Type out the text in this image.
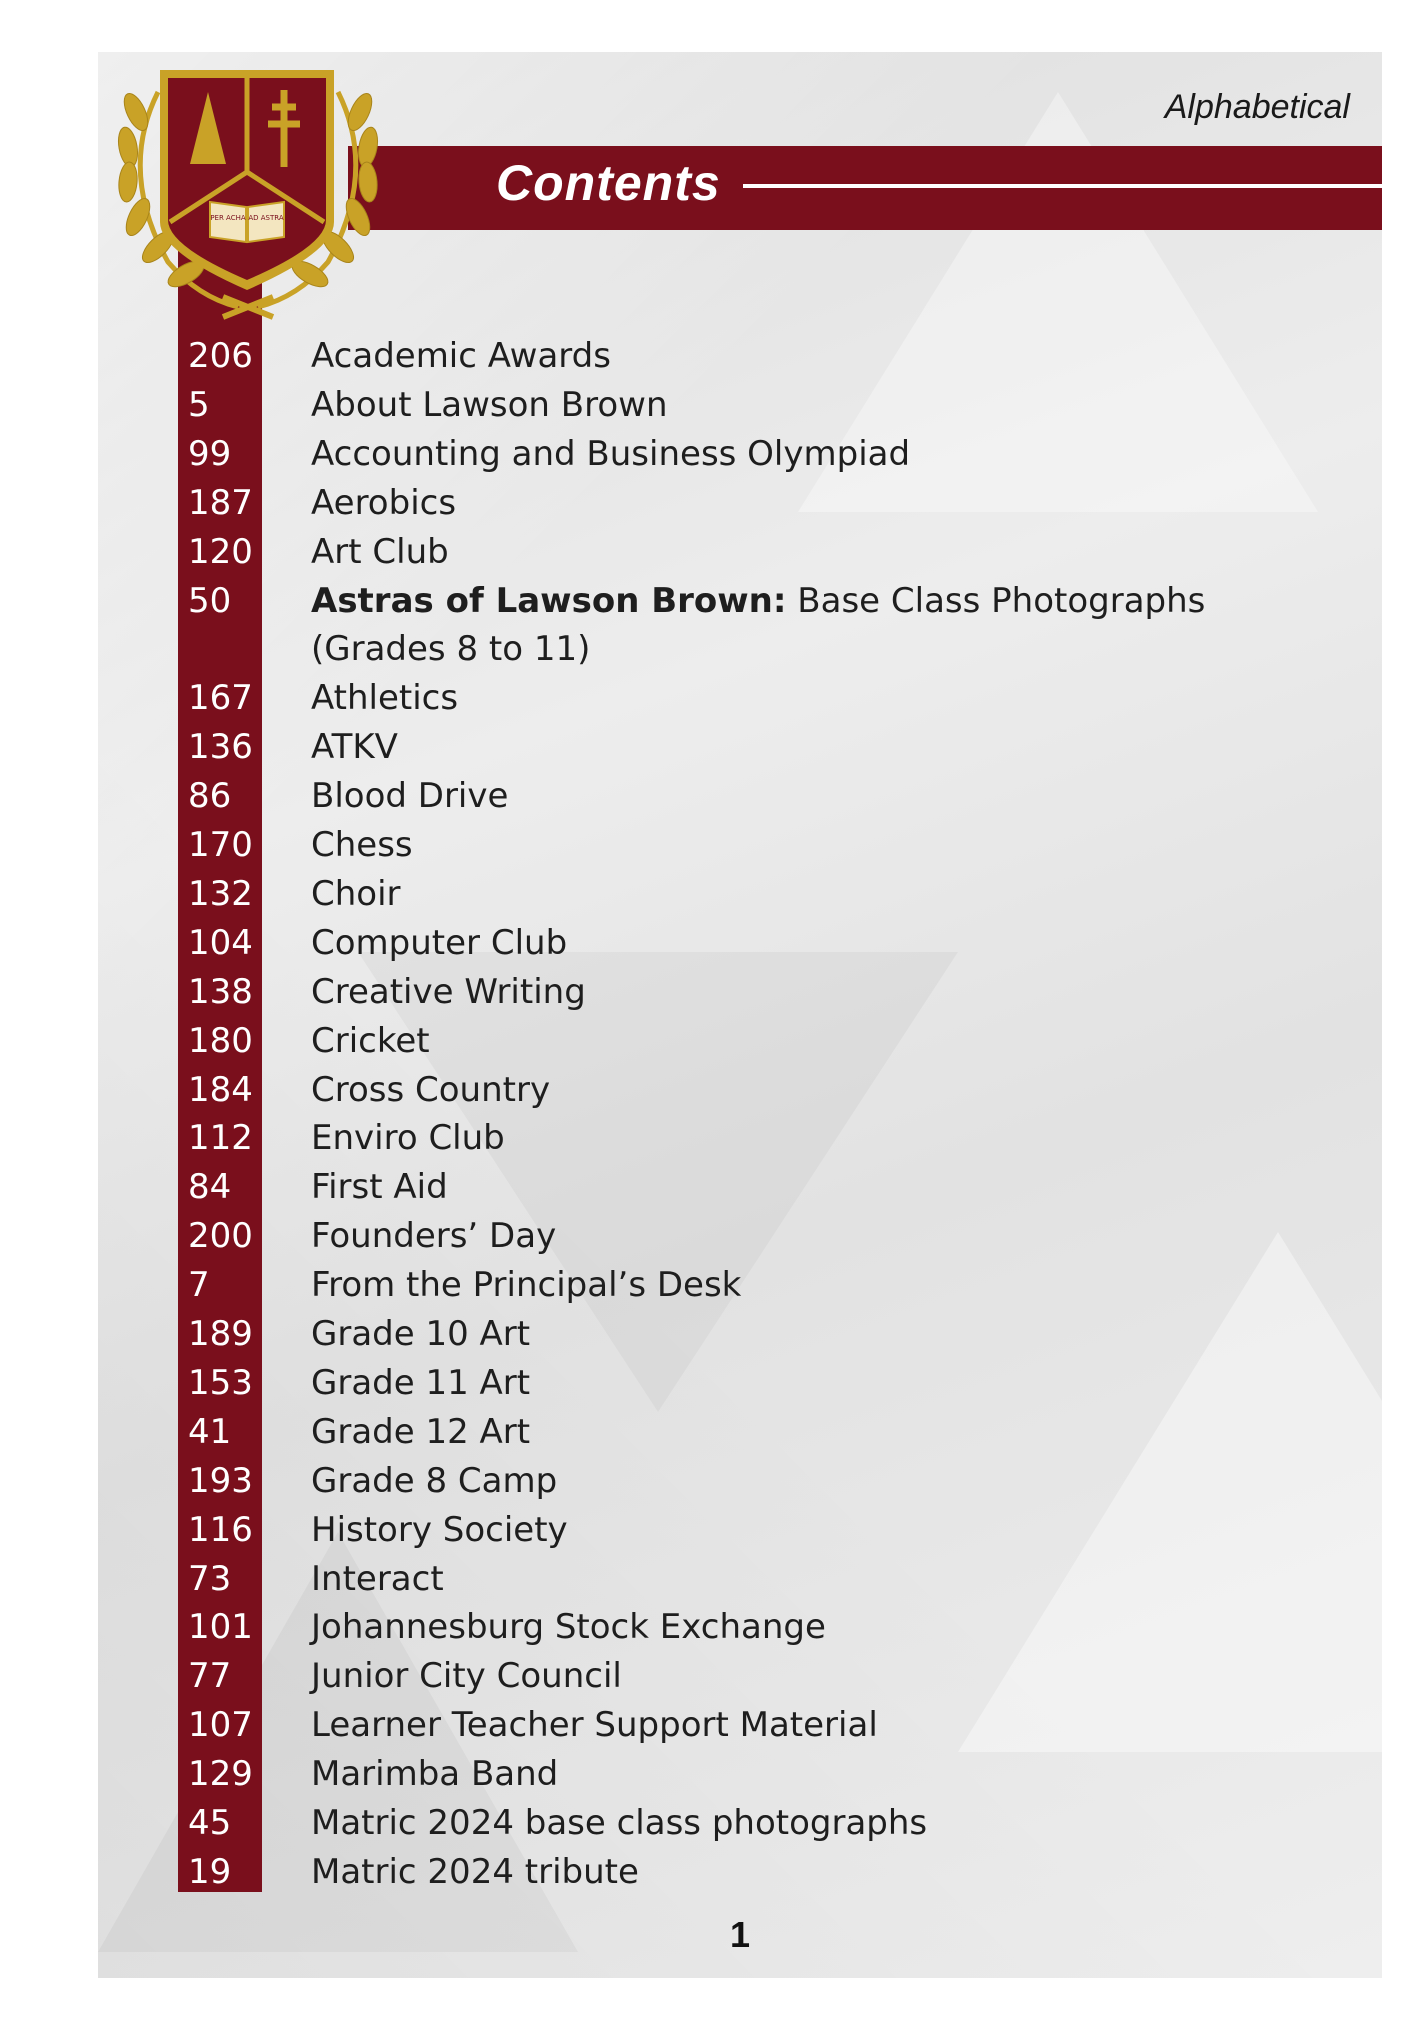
Alphabetical
Contents
PER ACHA AD ASTRA
206 Academic Awards
5	About Lawson Brown
99 Accounting and Business Olympiad
187 Aerobics
120 Art Club
50 Astras of Lawson Brown: Base Class Photographs
(Grades 8 to 11)
167 Athletics
136 ATKV
86 Blood Drive
170 Chess
132 Choir
104 Computer Club
138 Creative Writing
180 Cricket
184 Cross Country
112 Enviro Club
84 First Aid
200 Founders’ Day
7	From the Principal’s Desk
189 Grade 10 Art
153 Grade 11 Art
41 Grade 12 Art
193 Grade 8 Camp
116 History Society
73 Interact
101 Johannesburg Stock Exchange
77 Junior City Council
107 Learner Teacher Support Material
129 Marimba Band
45 Matric 2024 base class photographs
19 Matric 2024 tribute
1
